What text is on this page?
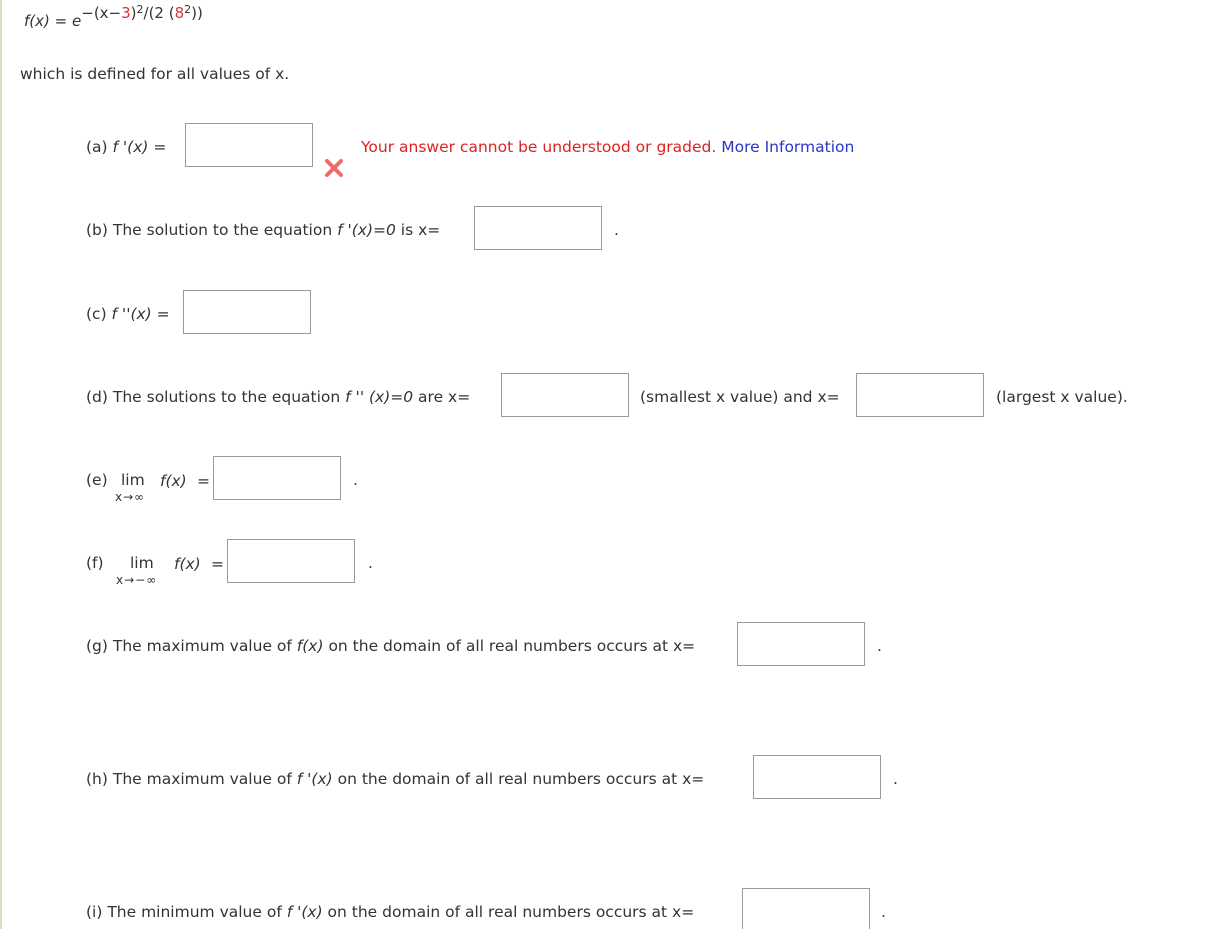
$f(x) = e-(x-3)^2/(2$ $(8^2)$)
which is defined for all values of x.
(a) f '(x) =	Your answer cannot be understood or graded. More Information
(b) The solution to the equation f '(x)=0 is x=	.
(c) f ''(x) =
(d) The solutions to the equation f '' (x)=0 are x=	(smallest x value) and x=	(largest x value).
(e) lim
x→∞
f(x) =	.
(f) lim
x→−∞
f(x) =	.
(g) The maximum value of f(x) on the domain of all real numbers occurs at x=	.
(h) The maximum value of f '(x) on the domain of all real numbers occurs at x=	.
(i) The minimum value of f '(x) on the domain of all real numbers occurs at x=	.
